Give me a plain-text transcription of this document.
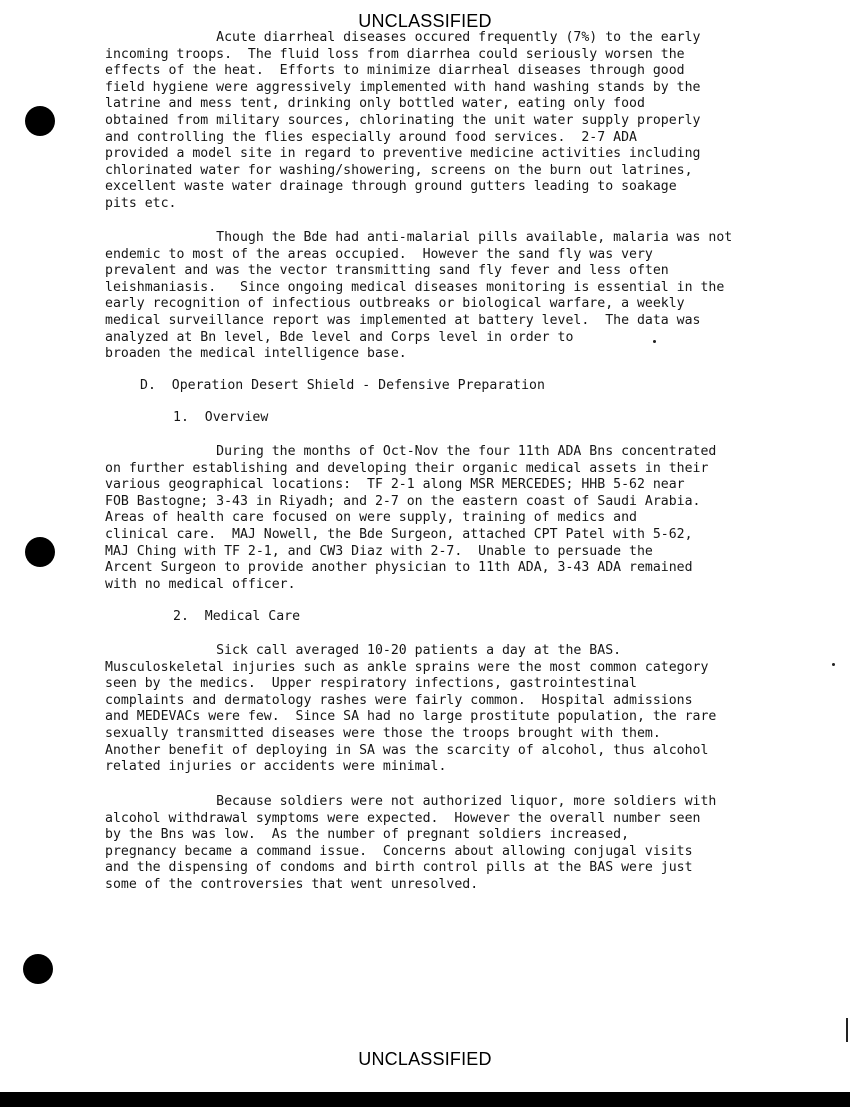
UNCLASSIFIED

Acute diarrheal diseases occured frequently (7%) to the early
incoming troops.  The fluid loss from diarrhea could seriously worsen the
effects of the heat.  Efforts to minimize diarrheal diseases through good
field hygiene were aggressively implemented with hand washing stands by the
latrine and mess tent, drinking only bottled water, eating only food
obtained from military sources, chlorinating the unit water supply properly
and controlling the flies especially around food services.  2-7 ADA
provided a model site in regard to preventive medicine activities including
chlorinated water for washing/showering, screens on the burn out latrines,
excellent waste water drainage through ground gutters leading to soakage
pits etc.

Though the Bde had anti-malarial pills available, malaria was not
endemic to most of the areas occupied.  However the sand fly was very
prevalent and was the vector transmitting sand fly fever and less often
leishmaniasis.   Since ongoing medical diseases monitoring is essential in the
early recognition of infectious outbreaks or biological warfare, a weekly
medical surveillance report was implemented at battery level.  The data was
analyzed at Bn level, Bde level and Corps level in order to
broaden the medical intelligence base.

D.  Operation Desert Shield - Defensive Preparation
1.  Overview

During the months of Oct-Nov the four 11th ADA Bns concentrated
on further establishing and developing their organic medical assets in their
various geographical locations:  TF 2-1 along MSR MERCEDES; HHB 5-62 near
FOB Bastogne; 3-43 in Riyadh; and 2-7 on the eastern coast of Saudi Arabia.
Areas of health care focused on were supply, training of medics and
clinical care.  MAJ Nowell, the Bde Surgeon, attached CPT Patel with 5-62,
MAJ Ching with TF 2-1, and CW3 Diaz with 2-7.  Unable to persuade the
Arcent Surgeon to provide another physician to 11th ADA, 3-43 ADA remained
with no medical officer.

2.  Medical Care

Sick call averaged 10-20 patients a day at the BAS.
Musculoskeletal injuries such as ankle sprains were the most common category
seen by the medics.  Upper respiratory infections, gastrointestinal
complaints and dermatology rashes were fairly common.  Hospital admissions
and MEDEVACs were few.  Since SA had no large prostitute population, the rare
sexually transmitted diseases were those the troops brought with them.
Another benefit of deploying in SA was the scarcity of alcohol, thus alcohol
related injuries or accidents were minimal.

Because soldiers were not authorized liquor, more soldiers with
alcohol withdrawal symptoms were expected.  However the overall number seen
by the Bns was low.  As the number of pregnant soldiers increased,
pregnancy became a command issue.  Concerns about allowing conjugal visits
and the dispensing of condoms and birth control pills at the BAS were just
some of the controversies that went unresolved.

UNCLASSIFIED
